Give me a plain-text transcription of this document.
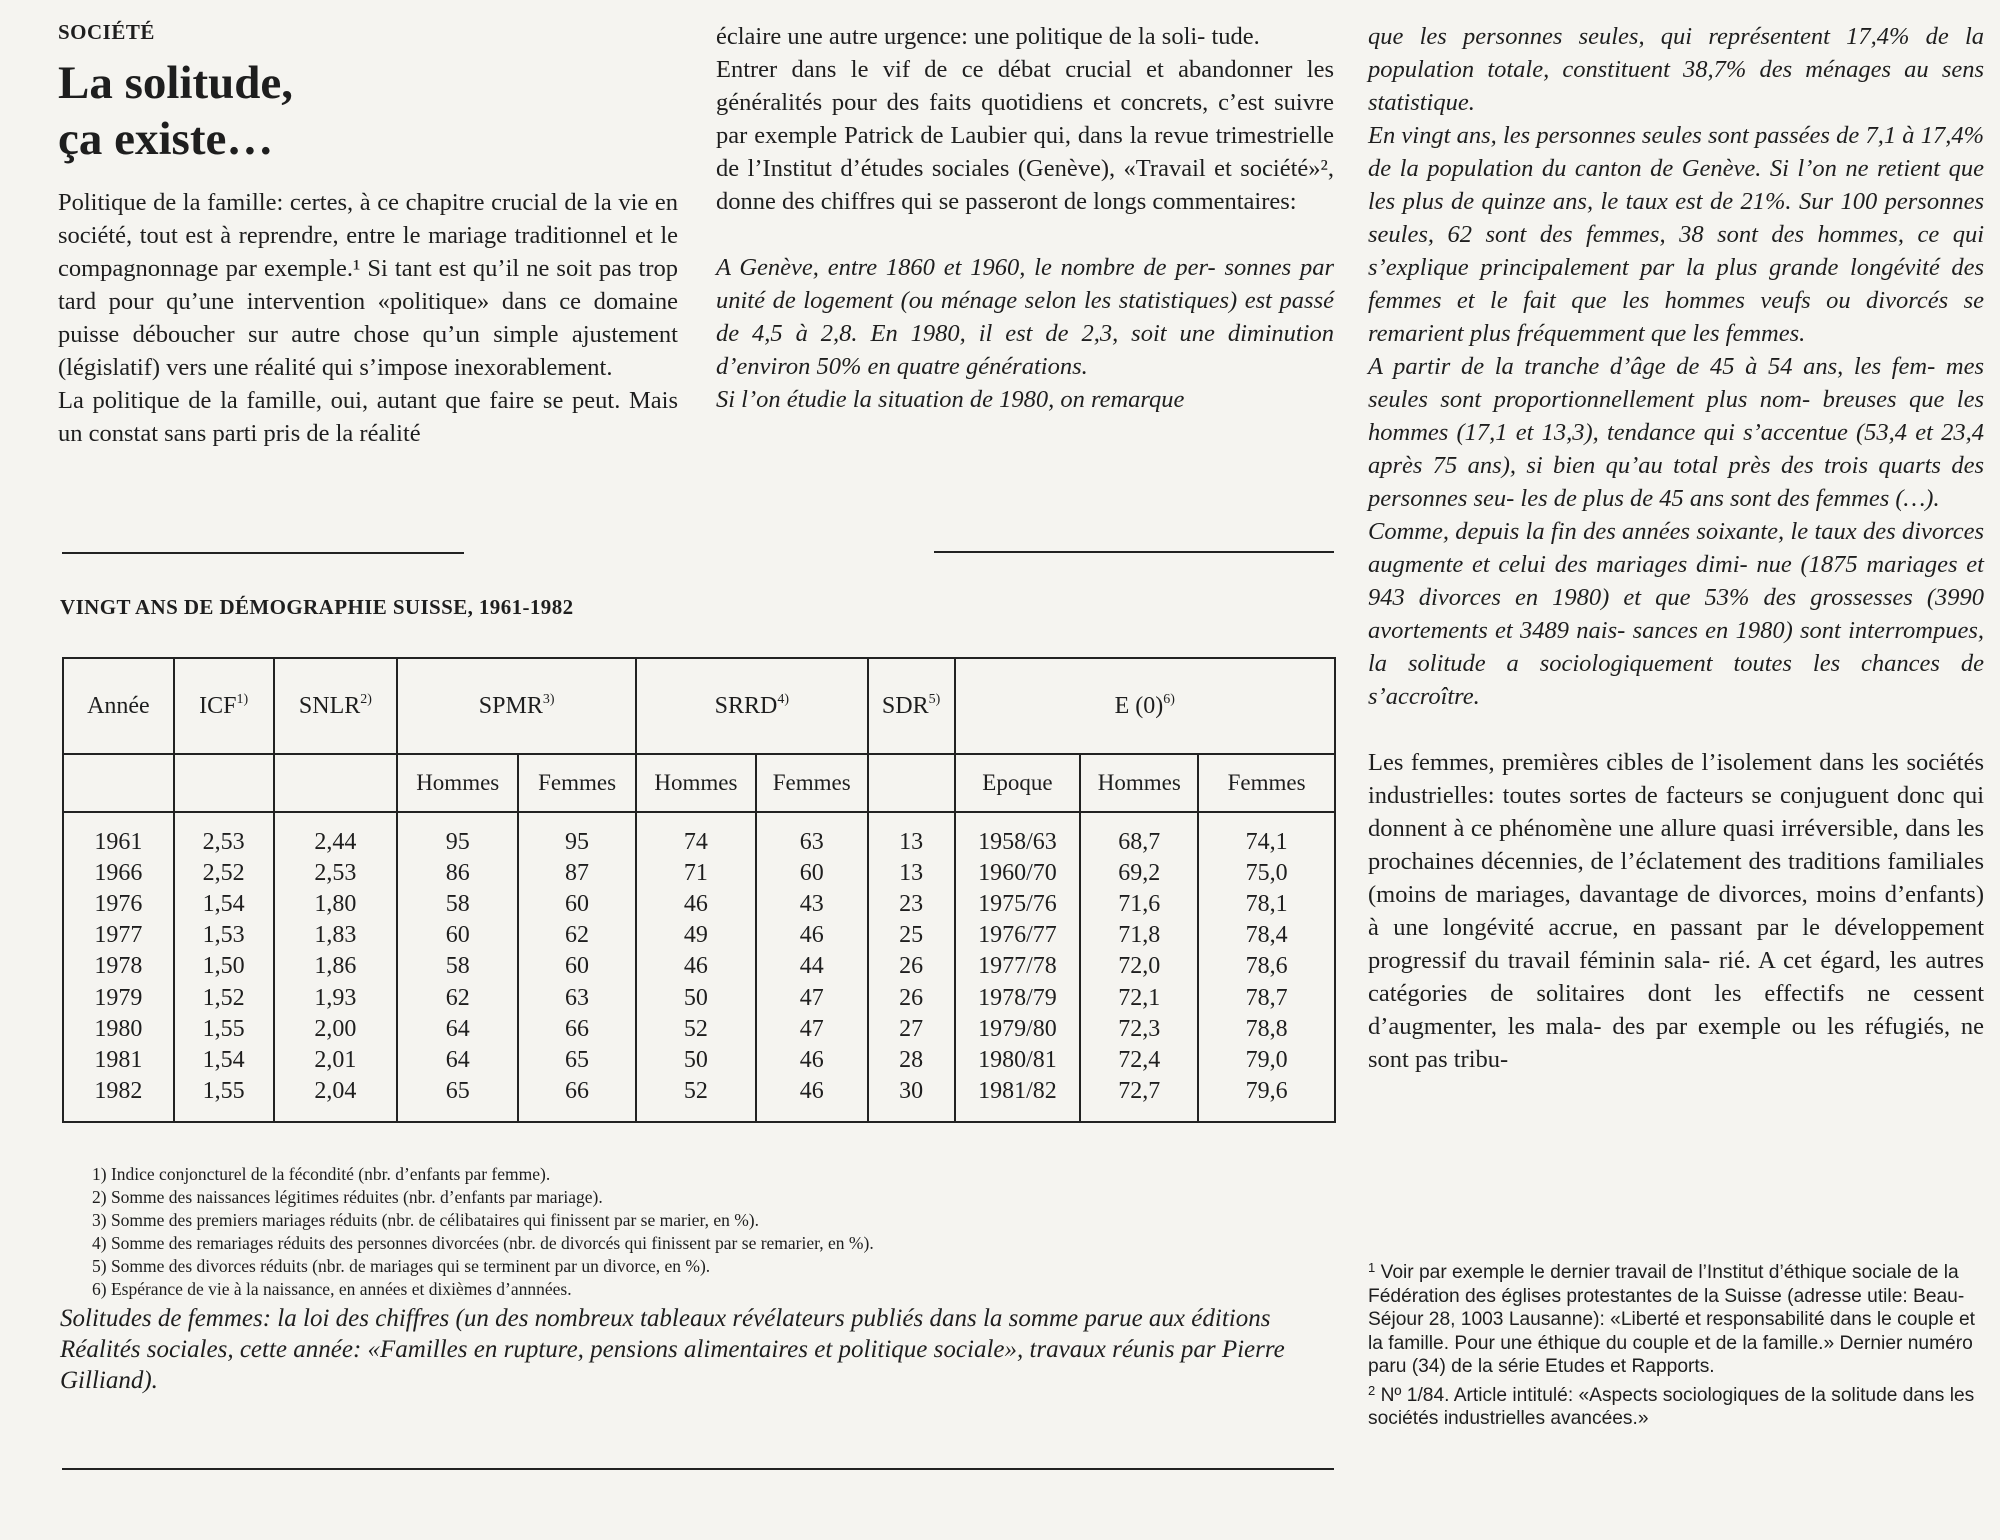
SOCIÉTÉ
La solitude,
ça existe…

Politique de la famille: certes, à ce chapitre crucial de la vie en société, tout est à reprendre, entre le mariage traditionnel et le compagnonnage par exemple.¹ Si tant est qu’il ne soit pas trop tard pour qu’une intervention «politique» dans ce domaine puisse déboucher sur autre chose qu’un simple ajustement (législatif) vers une réalité qui s’impose inexorablement.

La politique de la famille, oui, autant que faire se peut. Mais un constat sans parti pris de la réalité

éclaire une autre urgence: une politique de la soli- tude.

Entrer dans le vif de ce débat crucial et abandonner les généralités pour des faits quotidiens et concrets, c’est suivre par exemple Patrick de Laubier qui, dans la revue trimestrielle de l’Institut d’études sociales (Genève), «Travail et société»², donne des chiffres qui se passeront de longs commentaires:

A Genève, entre 1860 et 1960, le nombre de per- sonnes par unité de logement (ou ménage selon les statistiques) est passé de 4,5 à 2,8. En 1980, il est de 2,3, soit une diminution d’environ 50% en quatre générations.

Si l’on étudie la situation de 1980, on remarque

que les personnes seules, qui représentent 17,4% de la population totale, constituent 38,7% des ménages au sens statistique.

En vingt ans, les personnes seules sont passées de 7,1 à 17,4% de la population du canton de Genève. Si l’on ne retient que les plus de quinze ans, le taux est de 21%. Sur 100 personnes seules, 62 sont des femmes, 38 sont des hommes, ce qui s’explique principalement par la plus grande longévité des femmes et le fait que les hommes veufs ou divorcés se remarient plus fréquemment que les femmes.

A partir de la tranche d’âge de 45 à 54 ans, les fem- mes seules sont proportionnellement plus nom- breuses que les hommes (17,1 et 13,3), tendance qui s’accentue (53,4 et 23,4 après 75 ans), si bien qu’au total près des trois quarts des personnes seu- les de plus de 45 ans sont des femmes (…).

Comme, depuis la fin des années soixante, le taux des divorces augmente et celui des mariages dimi- nue (1875 mariages et 943 divorces en 1980) et que 53% des grossesses (3990 avortements et 3489 nais- sances en 1980) sont interrompues, la solitude a sociologiquement toutes les chances de s’accroître.

Les femmes, premières cibles de l’isolement dans les sociétés industrielles: toutes sortes de facteurs se conjuguent donc qui donnent à ce phénomène une allure quasi irréversible, dans les prochaines décennies, de l’éclatement des traditions familiales (moins de mariages, davantage de divorces, moins d’enfants) à une longévité accrue, en passant par le développement progressif du travail féminin sala- rié. A cet égard, les autres catégories de solitaires dont les effectifs ne cessent d’augmenter, les mala- des par exemple ou les réfugiés, ne sont pas tribu-

VINGT ANS DE DÉMOGRAPHIE SUISSE, 1961-1982
Année	ICF$^{1)}$	SNLR$^{2)}$	SPMR$^{3)}$		SRRD$^{4)}$		SDR$^{5)}$	E $(0)^{6)}$
			Hommes	Femmes	Hommes	Femmes		Epoque	Hommes	Femmes
1961	2,53	2,44	95	95	74	63	13	1958/63	68,7	74,1
1966	2,52	2,53	86	87	71	60	13	1960/70	69,2	75,0
1976	1,54	1,80	58	60	46	43	23	1975/76	71,6	78,1
1977	1,53	1,83	60	62	49	46	25	1976/77	71,8	78,4
1978	1,50	1,86	58	60	46	44	26	1977/78	72,0	78,6
1979	1,52	1,93	62	63	50	47	26	1978/79	72,1	78,7
1980	1,55	2,00	64	66	52	47	27	1979/80	72,3	78,8
1981	1,54	2,01	64	65	50	46	28	1980/81	72,4	79,0
1982	1,55	2,04	65	66	52	46	30	1981/82	72,7	79,6
1) Indice conjoncturel de la fécondité (nbr. d’enfants par femme).
2) Somme des naissances légitimes réduites (nbr. d’enfants par mariage).
3) Somme des premiers mariages réduits (nbr. de célibataires qui finissent par se marier, en %).
4) Somme des remariages réduits des personnes divorcées (nbr. de divorcés qui finissent par se remarier, en %).
5) Somme des divorces réduits (nbr. de mariages qui se terminent par un divorce, en %).
6) Espérance de vie à la naissance, en années et dixièmes d’annnées.

Solitudes de femmes: la loi des chiffres (un des nombreux tableaux révélateurs publiés dans la somme parue aux éditions Réalités sociales, cette année: «Familles en rupture, pensions alimentaires et politique sociale», travaux réunis par Pierre Gilliand).

$^1$ Voir par exemple le dernier travail de l’Institut d’éthique sociale de la Fédération des églises protestantes de la Suisse (adresse utile: Beau-Séjour 28, 1003 Lausanne): «Liberté et responsabilité dans le couple et la famille. Pour une éthique du couple et de la famille.» Dernier numéro paru (34) de la série Etudes et Rapports.

$^2$ Nº 1/84. Article intitulé: «Aspects sociologiques de la solitude dans les sociétés industrielles avancées.»
